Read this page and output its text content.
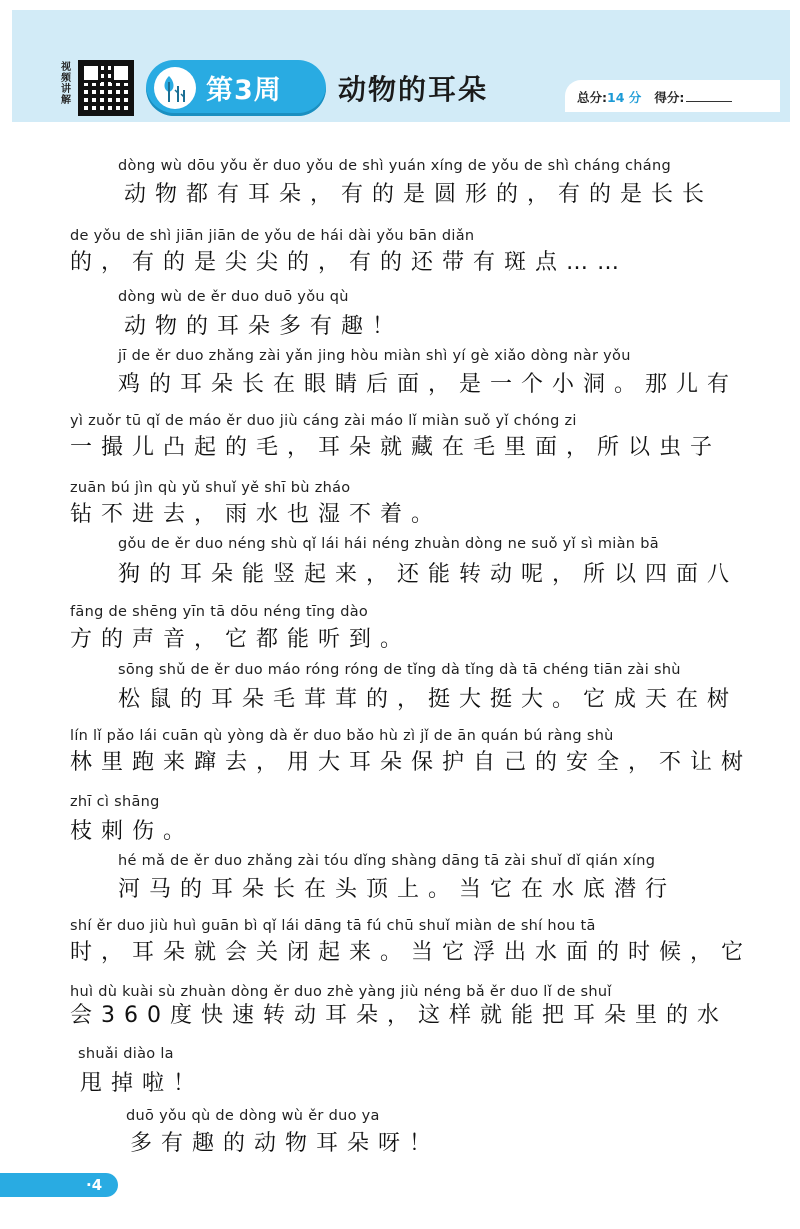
视频讲解	第3周 动物的耳朵	总分:14 分 得分:
dòng wù dōu yǒu ěr duo yǒu de shì yuán xíng de yǒu de shì cháng cháng
动物都有耳朵，有的是圆形的，有的是长长
de yǒu de shì jiān jiān de yǒu de hái dài yǒu bān diǎn
的，有的是尖尖的，有的还带有斑点……
dòng wù de ěr duo duō yǒu qù
动物的耳朵多有趣！
jī de ěr duo zhǎng zài yǎn jing hòu miàn shì yí gè xiǎo dòng nàr yǒu
鸡的耳朵长在眼睛后面，是一个小洞。那儿有
yì zuǒr tū qǐ de máo ěr duo jiù cáng zài máo lǐ miàn suǒ yǐ chóng zi
一撮儿凸起的毛，耳朵就藏在毛里面，所以虫子
zuān bú jìn qù yǔ shuǐ yě shī bù zháo
钻不进去，雨水也湿不着。
gǒu de ěr duo néng shù qǐ lái hái néng zhuàn dòng ne suǒ yǐ sì miàn bā
狗的耳朵能竖起来，还能转动呢，所以四面八
fāng de shēng yīn tā dōu néng tīng dào
方的声音，它都能听到。
sōng shǔ de ěr duo máo róng róng de tǐng dà tǐng dà tā chéng tiān zài shù
松鼠的耳朵毛茸茸的，挺大挺大。它成天在树
lín lǐ pǎo lái cuān qù yòng dà ěr duo bǎo hù zì jǐ de ān quán bú ràng shù
林里跑来蹿去，用大耳朵保护自己的安全，不让树
zhī cì shāng
枝刺伤。
hé mǎ de ěr duo zhǎng zài tóu dǐng shàng dāng tā zài shuǐ dǐ qián xíng
河马的耳朵长在头顶上。当它在水底潜行
shí ěr duo jiù huì guān bì qǐ lái dāng tā fú chū shuǐ miàn de shí hou tā
时，耳朵就会关闭起来。当它浮出水面的时候，它
huì dù kuài sù zhuàn dòng ěr duo zhè yàng jiù néng bǎ ěr duo lǐ de shuǐ
会360度快速转动耳朵，这样就能把耳朵里的水
shuǎi diào la
甩掉啦！
duō yǒu qù de dòng wù ěr duo ya
多有趣的动物耳朵呀！
·4
